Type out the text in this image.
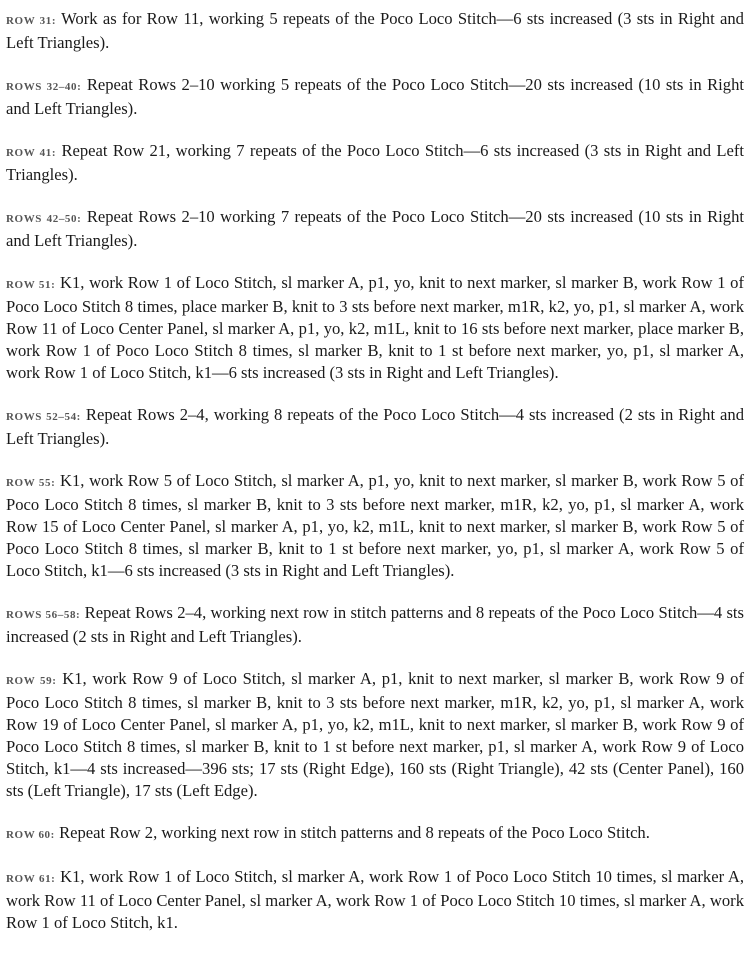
ROW 31: Work as for Row 11, working 5 repeats of the Poco Loco Stitch—6 sts increased (3 sts in Right and Left Triangles).

ROWS 32–40: Repeat Rows 2–10 working 5 repeats of the Poco Loco Stitch—20 sts increased (10 sts in Right and Left Triangles).

ROW 41: Repeat Row 21, working 7 repeats of the Poco Loco Stitch—6 sts increased (3 sts in Right and Left Triangles).

ROWS 42–50: Repeat Rows 2–10 working 7 repeats of the Poco Loco Stitch—20 sts increased (10 sts in Right and Left Triangles).

ROW 51: K1, work Row 1 of Loco Stitch, sl marker A, p1, yo, knit to next marker, sl marker B, work Row 1 of Poco Loco Stitch 8 times, place marker B, knit to 3 sts before next marker, m1R, k2, yo, p1, sl marker A, work Row 11 of Loco Center Panel, sl marker A, p1, yo, k2, m1L, knit to 16 sts before next marker, place marker B, work Row 1 of Poco Loco Stitch 8 times, sl marker B, knit to 1 st before next marker, yo, p1, sl marker A, work Row 1 of Loco Stitch, k1—6 sts increased (3 sts in Right and Left Triangles).

ROWS 52–54: Repeat Rows 2–4, working 8 repeats of the Poco Loco Stitch—4 sts increased (2 sts in Right and Left Triangles).

ROW 55: K1, work Row 5 of Loco Stitch, sl marker A, p1, yo, knit to next marker, sl marker B, work Row 5 of Poco Loco Stitch 8 times, sl marker B, knit to 3 sts before next marker, m1R, k2, yo, p1, sl marker A, work Row 15 of Loco Center Panel, sl marker A, p1, yo, k2, m1L, knit to next marker, sl marker B, work Row 5 of Poco Loco Stitch 8 times, sl marker B, knit to 1 st before next marker, yo, p1, sl marker A, work Row 5 of Loco Stitch, k1—6 sts increased (3 sts in Right and Left Triangles).

ROWS 56–58: Repeat Rows 2–4, working next row in stitch patterns and 8 repeats of the Poco Loco Stitch—4 sts increased (2 sts in Right and Left Triangles).

ROW 59: K1, work Row 9 of Loco Stitch, sl marker A, p1, knit to next marker, sl marker B, work Row 9 of Poco Loco Stitch 8 times, sl marker B, knit to 3 sts before next marker, m1R, k2, yo, p1, sl marker A, work Row 19 of Loco Center Panel, sl marker A, p1, yo, k2, m1L, knit to next marker, sl marker B, work Row 9 of Poco Loco Stitch 8 times, sl marker B, knit to 1 st before next marker, p1, sl marker A, work Row 9 of Loco Stitch, k1—4 sts increased—396 sts; 17 sts (Right Edge), 160 sts (Right Triangle), 42 sts (Center Panel), 160 sts (Left Triangle), 17 sts (Left Edge).

ROW 60: Repeat Row 2, working next row in stitch patterns and 8 repeats of the Poco Loco Stitch.

ROW 61: K1, work Row 1 of Loco Stitch, sl marker A, work Row 1 of Poco Loco Stitch 10 times, sl marker A, work Row 11 of Loco Center Panel, sl marker A, work Row 1 of Poco Loco Stitch 10 times, sl marker A, work Row 1 of Loco Stitch, k1.
